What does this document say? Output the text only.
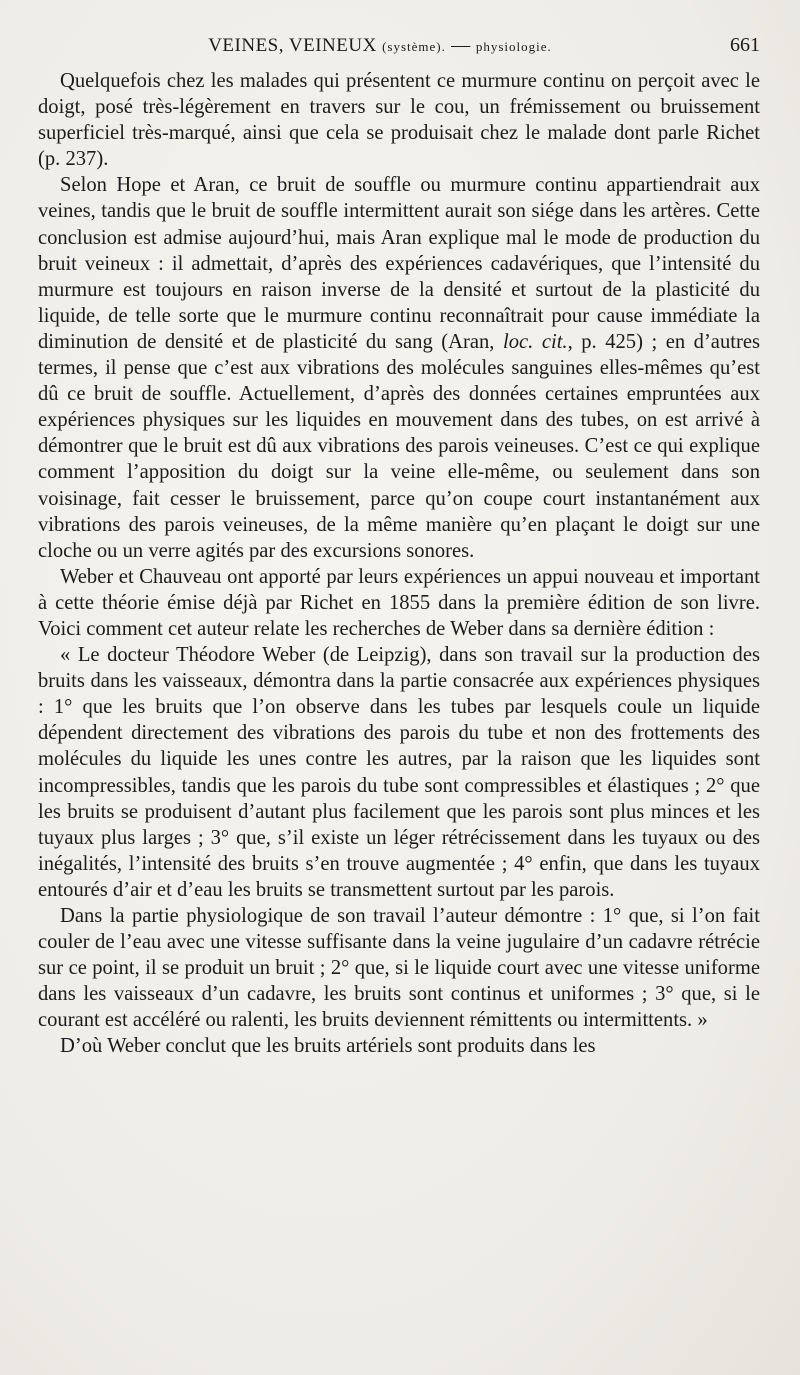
VEINES, VEINEUX (système). — physiologie.	661

Quelquefois chez les malades qui présentent ce murmure continu on perçoit avec le doigt, posé très-légèrement en travers sur le cou, un frémissement ou bruissement superficiel très-marqué, ainsi que cela se produisait chez le malade dont parle Richet (p. 237).

Selon Hope et Aran, ce bruit de souffle ou murmure continu appartiendrait aux veines, tandis que le bruit de souffle intermittent aurait son siége dans les artères. Cette conclusion est admise aujourd’hui, mais Aran explique mal le mode de production du bruit veineux : il admettait, d’après des expériences cadavériques, que l’intensité du murmure est toujours en raison inverse de la densité et surtout de la plasticité du liquide, de telle sorte que le murmure continu reconnaîtrait pour cause immédiate la diminution de densité et de plasticité du sang (Aran, loc. cit., p. 425) ; en d’autres termes, il pense que c’est aux vibrations des molécules sanguines elles-mêmes qu’est dû ce bruit de souffle. Actuellement, d’après des données certaines empruntées aux expériences physiques sur les liquides en mouvement dans des tubes, on est arrivé à démontrer que le bruit est dû aux vibrations des parois veineuses. C’est ce qui explique comment l’apposition du doigt sur la veine elle-même, ou seulement dans son voisinage, fait cesser le bruissement, parce qu’on coupe court instantanément aux vibrations des parois veineuses, de la même manière qu’en plaçant le doigt sur une cloche ou un verre agités par des excursions sonores.

Weber et Chauveau ont apporté par leurs expériences un appui nouveau et important à cette théorie émise déjà par Richet en 1855 dans la première édition de son livre. Voici comment cet auteur relate les recherches de Weber dans sa dernière édition :

« Le docteur Théodore Weber (de Leipzig), dans son travail sur la production des bruits dans les vaisseaux, démontra dans la partie consacrée aux expériences physiques : 1° que les bruits que l’on observe dans les tubes par lesquels coule un liquide dépendent directement des vibrations des parois du tube et non des frottements des molécules du liquide les unes contre les autres, par la raison que les liquides sont incompressibles, tandis que les parois du tube sont compressibles et élastiques ; 2° que les bruits se produisent d’autant plus facilement que les parois sont plus minces et les tuyaux plus larges ; 3° que, s’il existe un léger rétrécissement dans les tuyaux ou des inégalités, l’intensité des bruits s’en trouve augmentée ; 4° enfin, que dans les tuyaux entourés d’air et d’eau les bruits se transmettent surtout par les parois.

Dans la partie physiologique de son travail l’auteur démontre : 1° que, si l’on fait couler de l’eau avec une vitesse suffisante dans la veine jugulaire d’un cadavre rétrécie sur ce point, il se produit un bruit ; 2° que, si le liquide court avec une vitesse uniforme dans les vaisseaux d’un cadavre, les bruits sont continus et uniformes ; 3° que, si le courant est accéléré ou ralenti, les bruits deviennent rémittents ou intermittents. »

D’où Weber conclut que les bruits artériels sont produits dans les
